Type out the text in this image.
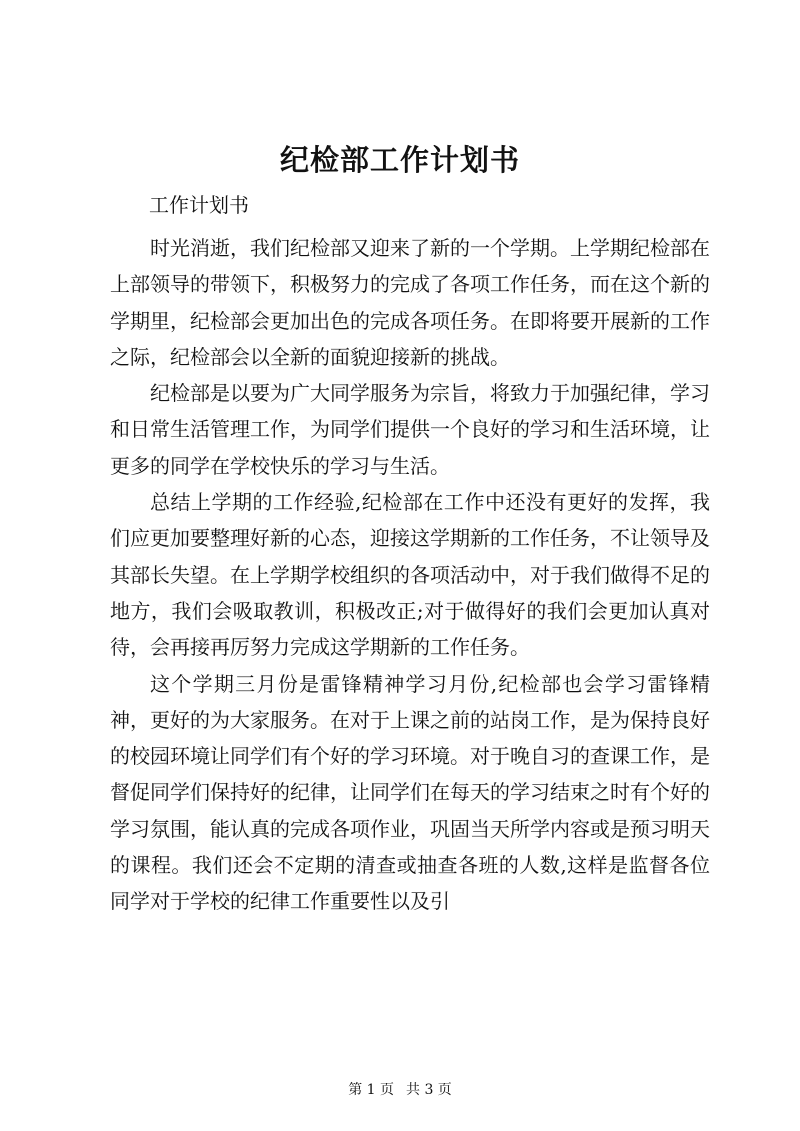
纪检部工作计划书

工作计划书

时光消逝，我们纪检部又迎来了新的一个学期。上学期纪检部在上部领导的带领下，积极努力的完成了各项工作任务，而在这个新的学期里，纪检部会更加出色的完成各项任务。在即将要开展新的工作之际，纪检部会以全新的面貌迎接新的挑战。

纪检部是以要为广大同学服务为宗旨，将致力于加强纪律，学习和日常生活管理工作，为同学们提供一个良好的学习和生活环境，让更多的同学在学校快乐的学习与生活。

总结上学期的工作经验,纪检部在工作中还没有更好的发挥，我们应更加要整理好新的心态，迎接这学期新的工作任务，不让领导及其部长失望。在上学期学校组织的各项活动中，对于我们做得不足的地方，我们会吸取教训，积极改正;对于做得好的我们会更加认真对待，会再接再厉努力完成这学期新的工作任务。

这个学期三月份是雷锋精神学习月份,纪检部也会学习雷锋精神，更好的为大家服务。在对于上课之前的站岗工作，是为保持良好的校园环境让同学们有个好的学习环境。对于晚自习的查课工作，是督促同学们保持好的纪律，让同学们在每天的学习结束之时有个好的学习氛围，能认真的完成各项作业，巩固当天所学内容或是预习明天的课程。我们还会不定期的清查或抽查各班的人数,这样是监督各位同学对于学校的纪律工作重要性以及引

第 1 页 共 3 页
